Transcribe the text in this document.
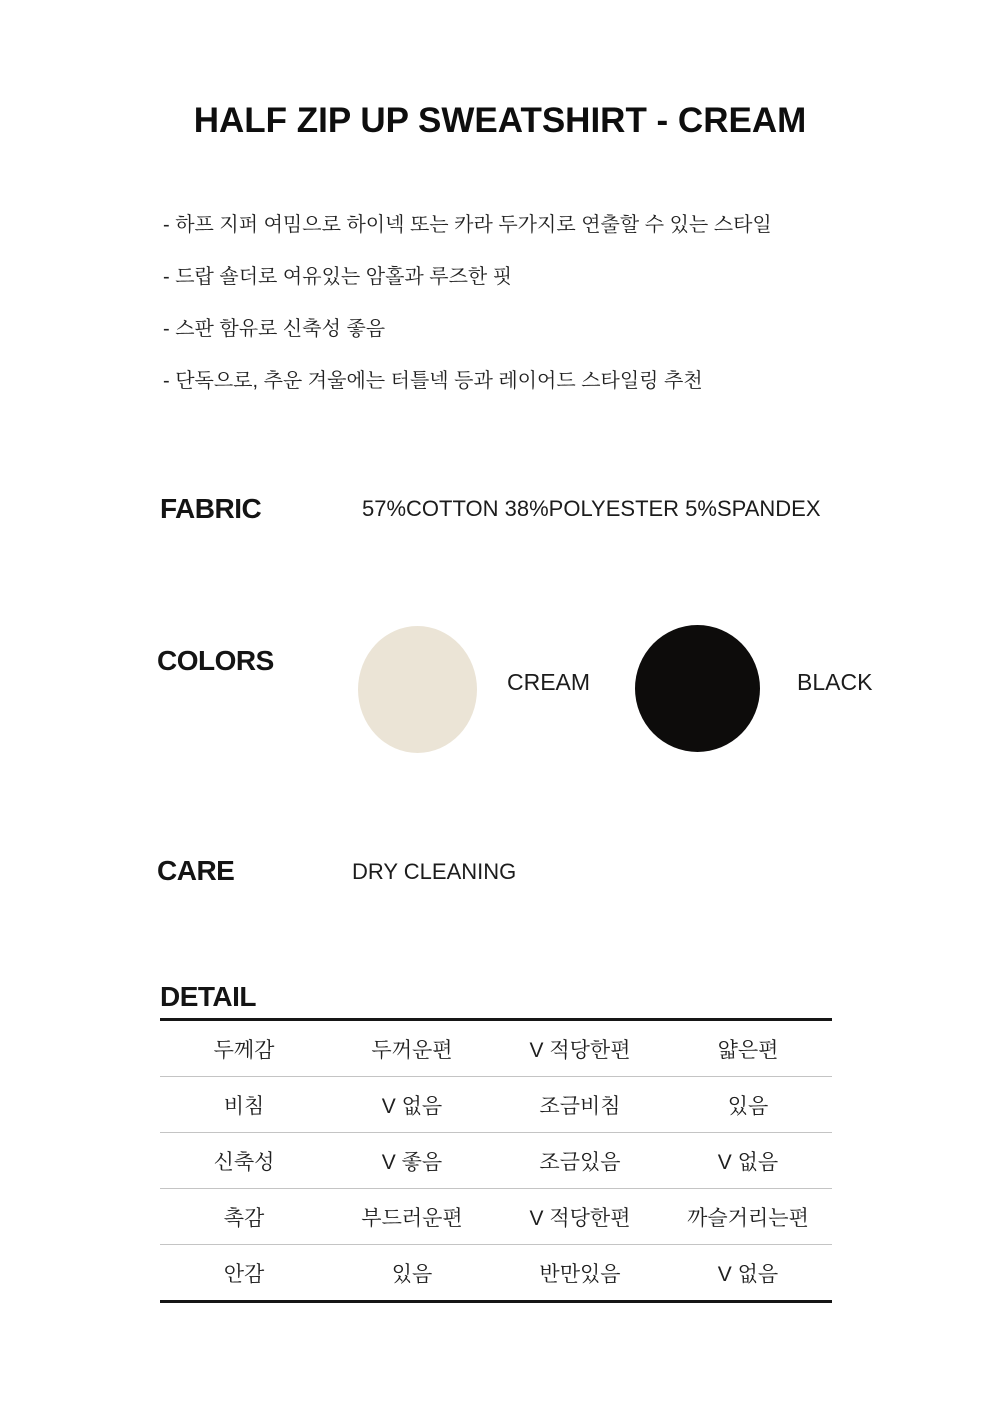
HALF ZIP UP SWEATSHIRT - CREAM
- 하프 지퍼 여밈으로 하이넥 또는 카라 두가지로 연출할 수 있는 스타일
- 드랍 숄더로 여유있는 암홀과 루즈한 핏
- 스판 함유로 신축성 좋음
- 단독으로, 추운 겨울에는 터틀넥 등과 레이어드 스타일링 추천
FABRIC	57%COTTON 38%POLYESTER 5%SPANDEX
COLORS
CREAM	BLACK
CARE	DRY CLEANING
DETAIL
두께감	두꺼운편	V 적당한편	얇은편
비침	V 없음	조금비침	있음
신축성	V 좋음	조금있음	V 없음
촉감	부드러운편	V 적당한편	까슬거리는편
안감	있음	반만있음	V 없음
